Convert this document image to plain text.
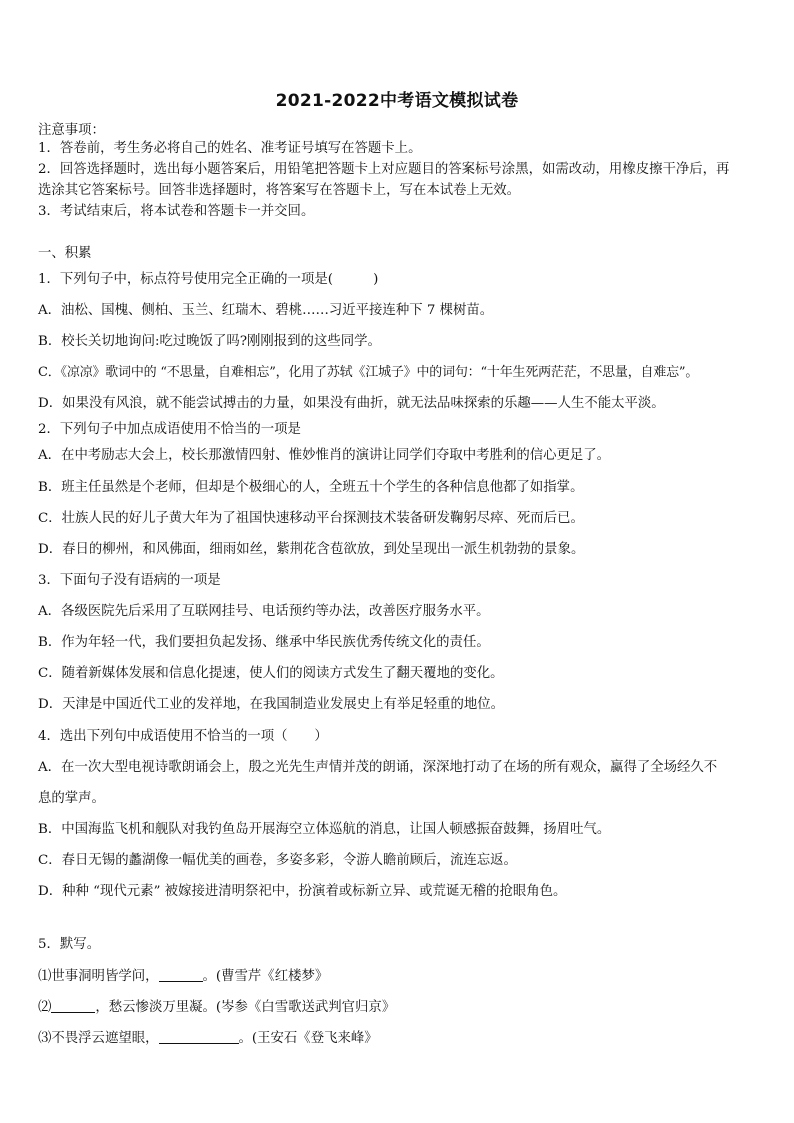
2021-2022中考语文模拟试卷
注意事项：
1．答卷前，考生务必将自己的姓名、准考证号填写在答题卡上。
2．回答选择题时，选出每小题答案后，用铅笔把答题卡上对应题目的答案标号涂黑，如需改动，用橡皮擦干净后，再
选涂其它答案标号。回答非选择题时，将答案写在答题卡上，写在本试卷上无效。
3．考试结束后，将本试卷和答题卡一并交回。
一、积累
1．下列句子中，标点符号使用完全正确的一项是(　　　)
A．油松、国槐、侧柏、玉兰、红瑞木、碧桃……习近平接连种下 7 棵树苗。
B．校长关切地询问:吃过晚饭了吗?刚刚报到的这些同学。
C．《凉凉》歌词中的 “不思量，自难相忘”，化用了苏轼《江城子》中的词句：“十年生死两茫茫，不思量，自难忘”。
D．如果没有风浪，就不能尝试搏击的力量，如果没有曲折，就无法品味探索的乐趣——人生不能太平淡。
2．下列句子中加点成语使用不恰当的一项是
A．在中考励志大会上，校长那激情四射、惟妙惟肖的演讲让同学们夺取中考胜利的信心更足了。
B．班主任虽然是个老师，但却是个极细心的人，全班五十个学生的各种信息他都了如指掌。
C．壮族人民的好儿子黄大年为了祖国快速移动平台探测技术装备研发鞠躬尽瘁、死而后已。
D．春日的柳州，和风佛面，细雨如丝，紫荆花含苞欲放，到处呈现出一派生机勃勃的景象。
3．下面句子没有语病的一项是
A．各级医院先后采用了互联网挂号、电话预约等办法，改善医疗服务水平。
B．作为年轻一代，我们要担负起发扬、继承中华民族优秀传统文化的责任。
C．随着新媒体发展和信息化提速，使人们的阅读方式发生了翻天覆地的变化。
D．天津是中国近代工业的发祥地，在我国制造业发展史上有举足轻重的地位。
4．选出下列句中成语使用不恰当的一项（　　）
A．在一次大型电视诗歌朗诵会上，殷之光先生声情并茂的朗诵，深深地打动了在场的所有观众，赢得了全场经久不
息的掌声。
B．中国海监飞机和舰队对我钓鱼岛开展海空立体巡航的消息，让国人顿感振奋鼓舞，扬眉吐气。
C．春日无锡的蠡湖像一幅优美的画卷，多姿多彩，令游人瞻前顾后，流连忘返。
D．种种 “现代元素” 被嫁接进清明祭祀中，扮演着或标新立异、或荒诞无稽的抢眼角色。
5．默写。
⑴世事洞明皆学问，	。(曹雪芹《红楼梦》
⑵	，愁云惨淡万里凝。(岑参《白雪歌送武判官归京》
⑶不畏浮云遮望眼，	。(王安石《登飞来峰》
